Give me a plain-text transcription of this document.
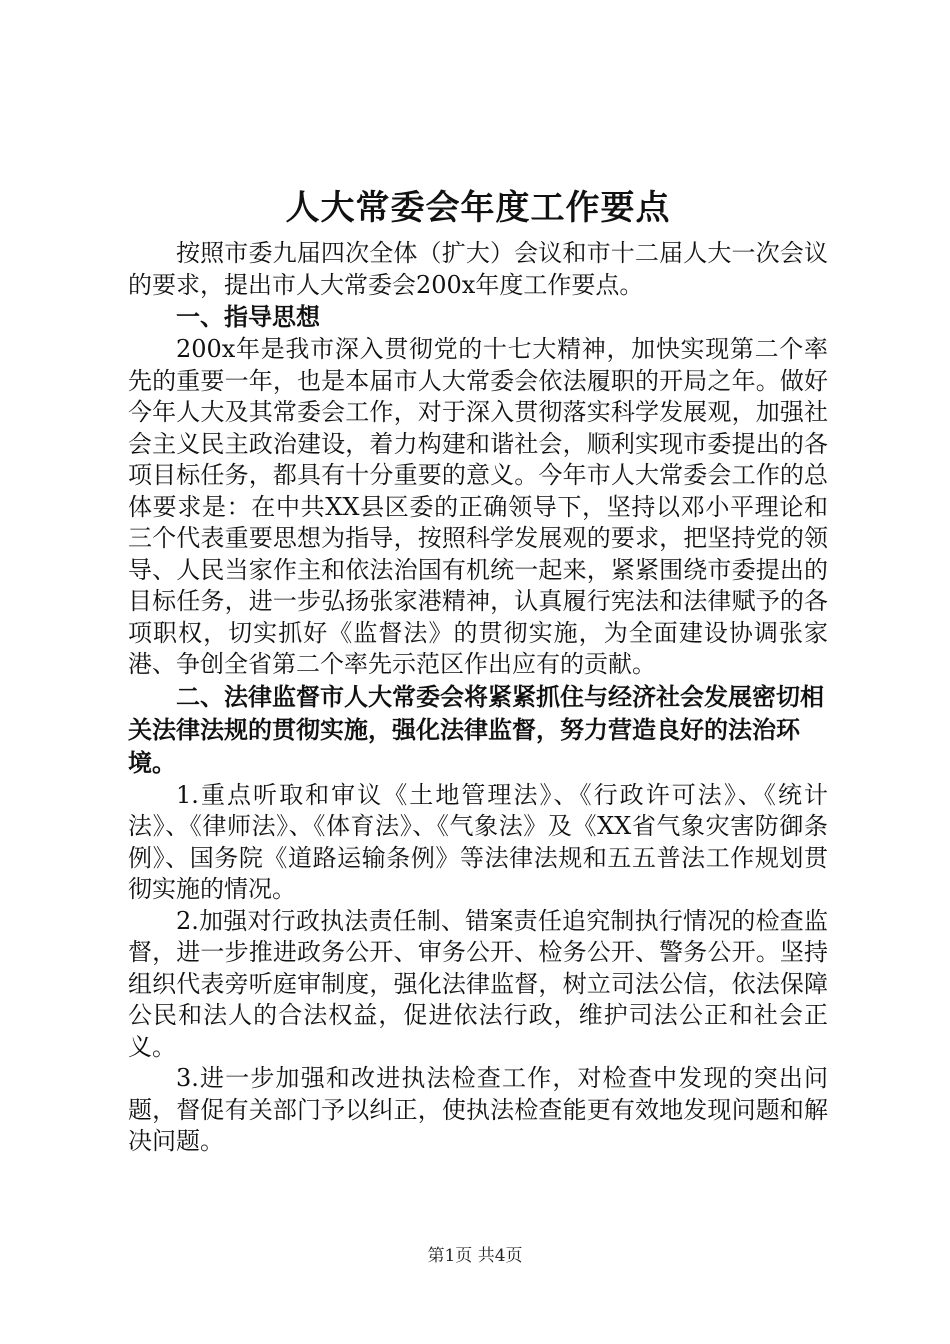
人大常委会年度工作要点

按照市委九届四次全体（扩大）会议和市十二届人大一次会议的要求，提出市人大常委会200x年度工作要点。

一、指导思想

200x年是我市深入贯彻党的十七大精神，加快实现第二个率先的重要一年，也是本届市人大常委会依法履职的开局之年。做好今年人大及其常委会工作，对于深入贯彻落实科学发展观，加强社会主义民主政治建设，着力构建和谐社会，顺利实现市委提出的各项目标任务，都具有十分重要的意义。今年市人大常委会工作的总体要求是：在中共XX县区委的正确领导下，坚持以邓小平理论和三个代表重要思想为指导，按照科学发展观的要求，把坚持党的领导、人民当家作主和依法治国有机统一起来，紧紧围绕市委提出的目标任务，进一步弘扬张家港精神，认真履行宪法和法律赋予的各项职权，切实抓好《监督法》的贯彻实施，为全面建设协调张家港、争创全省第二个率先示范区作出应有的贡献。

二、法律监督市人大常委会将紧紧抓住与经济社会发展密切相关法律法规的贯彻实施，强化法律监督，努力营造良好的法治环境。

1.重点听取和审议《土地管理法》、《行政许可法》、《统计法》、《律师法》、《体育法》、《气象法》及《XX省气象灾害防御条例》、国务院《道路运输条例》等法律法规和五五普法工作规划贯彻实施的情况。

2.加强对行政执法责任制、错案责任追究制执行情况的检查监督，进一步推进政务公开、审务公开、检务公开、警务公开。坚持组织代表旁听庭审制度，强化法律监督，树立司法公信，依法保障公民和法人的合法权益，促进依法行政，维护司法公正和社会正义。

3.进一步加强和改进执法检查工作，对检查中发现的突出问题，督促有关部门予以纠正，使执法检查能更有效地发现问题和解决问题。

第1页 共4页
